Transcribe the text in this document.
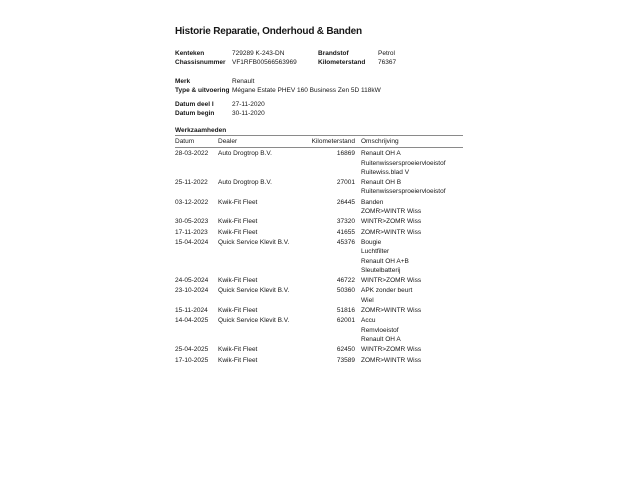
Historie Reparatie, Onderhoud & Banden
Kenteken	729289 K-243-DN	Brandstof	Petrol
Chassisnummer VF1RFB00566563969	Kilometerstand	76367
Merk	Renault
Type & uitvoering Mégane Estate PHEV 160 Business Zen 5D 118kW
Datum deel I	27-11-2020
Datum begin	30-11-2020
Werkzaamheden
Datum	Dealer	Kilometerstand Omschrijving
28-03-2022	Auto Drogtrop B.V.	16869 Renault OH A
Ruitenwissersproeiervloeistof
Ruitewiss.blad V
25-11-2022	Auto Drogtrop B.V.	27001 Renault OH B
Ruitenwissersproeiervloeistof
03-12-2022	Kwik-Fit Fleet	26445 Banden
ZOMR>WINTR Wiss
30-05-2023	Kwik-Fit Fleet	37320 WINTR>ZOMR Wiss
17-11-2023	Kwik-Fit Fleet	41655 ZOMR>WINTR Wiss
15-04-2024	Quick Service Klevit B.V.	45376 Bougie
Luchtfilter
Renault OH A+B
Sleutelbatterij
24-05-2024	Kwik-Fit Fleet	46722 WINTR>ZOMR Wiss
23-10-2024	Quick Service Klevit B.V.	50360 APK zonder beurt
Wiel
15-11-2024	Kwik-Fit Fleet	51816 ZOMR>WINTR Wiss
14-04-2025	Quick Service Klevit B.V.	62001 Accu
Remvloeistof
Renault OH A
25-04-2025	Kwik-Fit Fleet	62450 WINTR>ZOMR Wiss
17-10-2025	Kwik-Fit Fleet	73589 ZOMR>WINTR Wiss
